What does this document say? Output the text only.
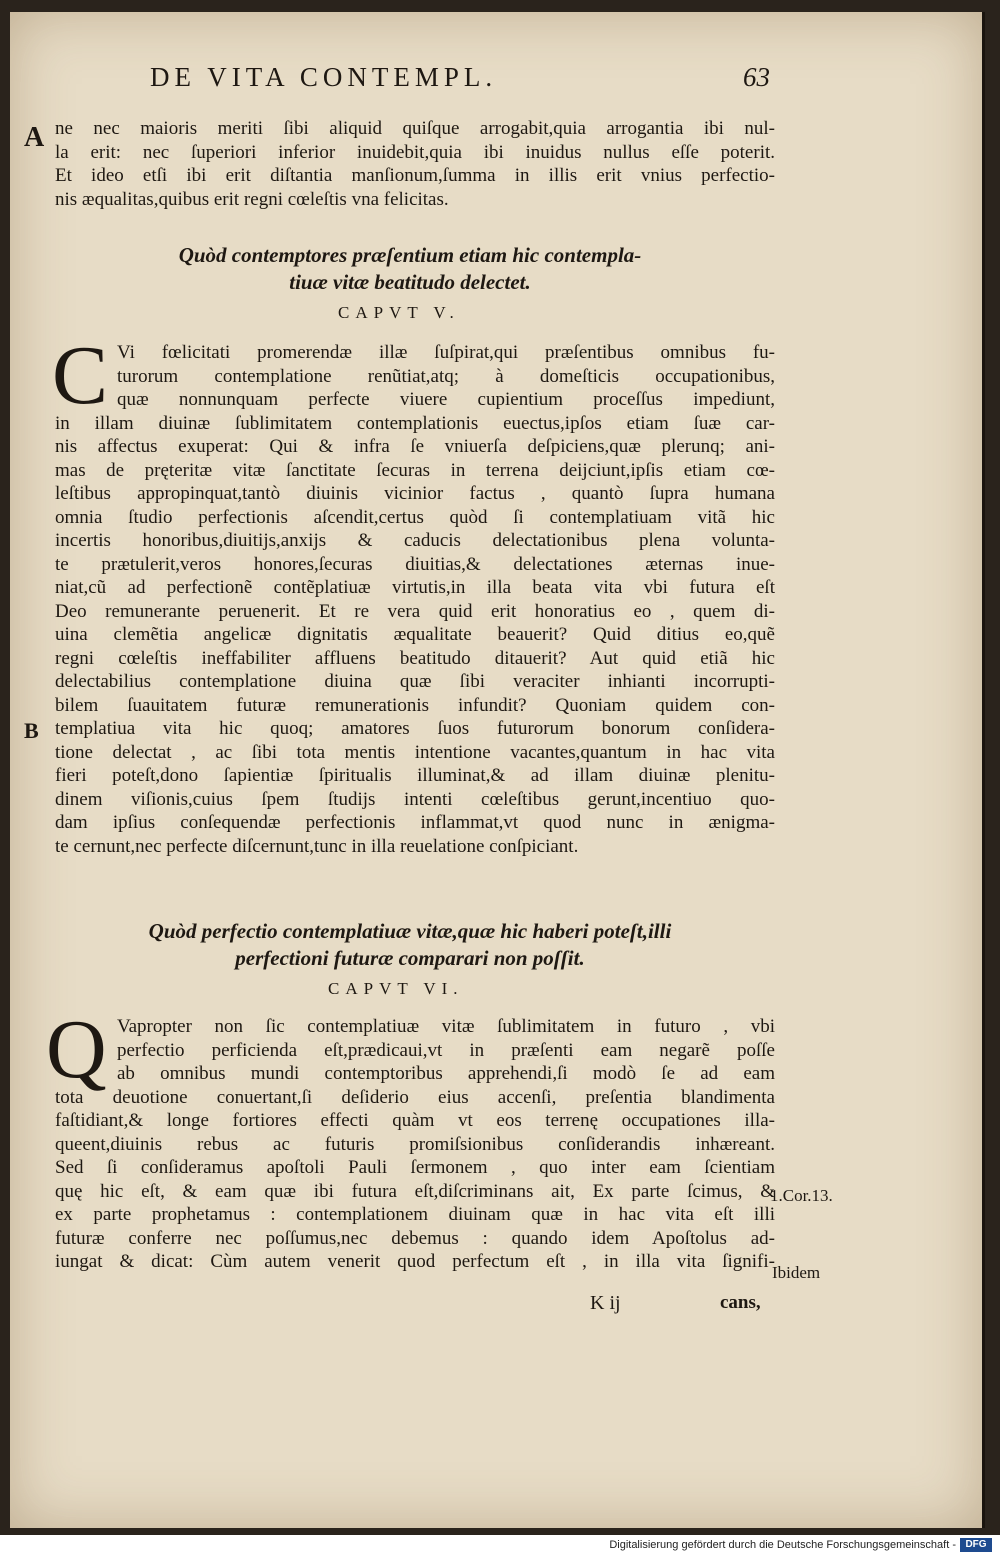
DE VITA CONTEMPL.	63
A ne nec maioris meriti ſibi aliquid quiſque arrogabit,quia arrogantia ibi nul-
la erit: nec ſuperiori inferior inuidebit,quia ibi inuidus nullus eſſe poterit.
Et ideo etſi ibi erit diſtantia manſionum,ſumma in illis erit vnius perfectio-
nis æqualitas,quibus erit regni cœleſtis vna felicitas.
Quòd contemptores præſentium etiam hic contempla-
tiuæ vitæ beatitudo delectet.
CAPVT V.
C Vi fœlicitati promerendæ illæ ſuſpirat,qui præſentibus omnibus fu-
turorum contemplatione renũtiat,atq; à domeſticis occupationibus,
quæ nonnunquam perfecte viuere cupientium proceſſus impediunt,
in illam diuinæ ſublimitatem contemplationis euectus,ipſos etiam ſuæ car-
nis affectus exuperat: Qui & infra ſe vniuerſa deſpiciens,quæ plerunq; ani-
mas de pręteritæ vitæ ſanctitate ſecuras in terrena deijciunt,ipſis etiam cœ-
leſtibus appropinquat,tantò diuinis vicinior factus , quantò ſupra humana
omnia ſtudio perfectionis aſcendit,certus quòd ſi contemplatiuam vitã hic
incertis honoribus,diuitijs,anxijs & caducis delectationibus plena volunta-
te prætulerit,veros honores,ſecuras diuitias,& delectationes æternas inue-
niat,cũ ad perfectionẽ contẽplatiuæ virtutis,in illa beata vita vbi futura eſt
Deo remunerante peruenerit. Et re vera quid erit honoratius eo , quem di-
uina clemẽtia angelicæ dignitatis æqualitate beauerit? Quid ditius eo,quẽ
regni cœleſtis ineffabiliter affluens beatitudo ditauerit? Aut quid etiã hic
delectabilius contemplatione diuina quæ ſibi veraciter inhianti incorrupti-
bilem ſuauitatem futuræ remunerationis infundit? Quoniam quidem con-
templatiua vita hic quoq; amatores ſuos futurorum bonorum conſidera-
tione delectat , ac ſibi tota mentis intentione vacantes,quantum in hac vita
fieri poteſt,dono ſapientiæ ſpiritualis illuminat,& ad illam diuinæ plenitu-
dinem viſionis,cuius ſpem ſtudijs intenti cœleſtibus gerunt,incentiuo quo-
dam ipſius conſequendæ perfectionis inflammat,vt quod nunc in ænigma-
te cernunt,nec perfecte diſcernunt,tunc in illa reuelatione conſpiciant.
B
Quòd perfectio contemplatiuæ vitæ,quæ hic haberi poteſt,illi
perfectioni futuræ comparari non poſſit.
CAPVT VI.
Q Vapropter non ſic contemplatiuæ vitæ ſublimitatem in futuro , vbi
perfectio perficienda eſt,prædicaui,vt in præſenti eam negarẽ poſſe
ab omnibus mundi contemptoribus apprehendi,ſi modò ſe ad eam
tota deuotione conuertant,ſi deſiderio eius accenſi, preſentia blandimenta
faſtidiant,& longe fortiores effecti quàm vt eos terrenę occupationes illa-
queent,diuinis rebus ac futuris promiſsionibus conſiderandis inhæreant.
Sed ſi conſideramus apoſtoli Pauli ſermonem , quo inter eam ſcientiam
quę hic eſt, & eam quæ ibi futura eſt,diſcriminans ait, Ex parte ſcimus, &
ex parte prophetamus : contemplationem diuinam quæ in hac vita eſt illi
futuræ conferre nec poſſumus,nec debemus : quando idem Apoſtolus ad-
iungat & dicat: Cùm autem venerit quod perfectum eſt , in illa vita ſignifi-
1.Cor.13.
Ibidem
K ij	cans,
Digitalisierung gefördert durch die Deutsche Forschungsgemeinschaft - DFG
